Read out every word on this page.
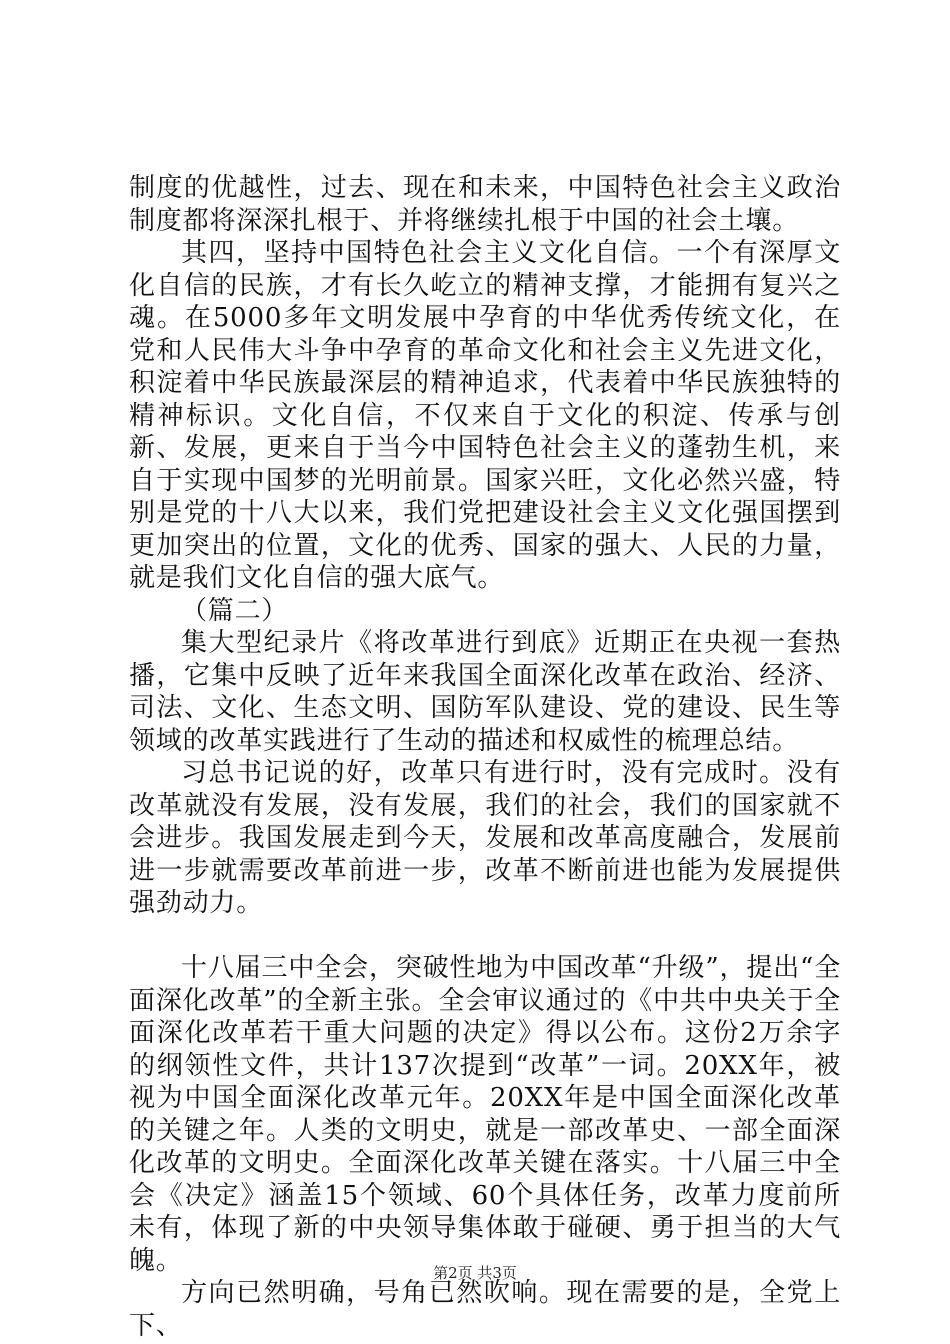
制度的优越性，过去、现在和未来，中国特色社会主义政治制度都将深深扎根于、并将继续扎根于中国的社会土壤。

其四，坚持中国特色社会主义文化自信。一个有深厚文化自信的民族，才有长久屹立的精神支撑，才能拥有复兴之魂。在5000多年文明发展中孕育的中华优秀传统文化，在党和人民伟大斗争中孕育的革命文化和社会主义先进文化，积淀着中华民族最深层的精神追求，代表着中华民族独特的精神标识。文化自信，不仅来自于文化的积淀、传承与创新、发展，更来自于当今中国特色社会主义的蓬勃生机，来自于实现中国梦的光明前景。国家兴旺，文化必然兴盛，特别是党的十八大以来，我们党把建设社会主义文化强国摆到更加突出的位置，文化的优秀、国家的强大、人民的力量，就是我们文化自信的强大底气。

（篇二）

集大型纪录片《将改革进行到底》近期正在央视一套热播，它集中反映了近年来我国全面深化改革在政治、经济、司法、文化、生态文明、国防军队建设、党的建设、民生等领域的改革实践进行了生动的描述和权威性的梳理总结。

习总书记说的好，改革只有进行时，没有完成时。没有改革就没有发展，没有发展，我们的社会，我们的国家就不会进步。我国发展走到今天，发展和改革高度融合，发展前进一步就需要改革前进一步，改革不断前进也能为发展提供强劲动力。

十八届三中全会，突破性地为中国改革“升级”，提出“全面深化改革”的全新主张。全会审议通过的《中共中央关于全面深化改革若干重大问题的决定》得以公布。这份2万余字的纲领性文件，共计137次提到“改革”一词。20XX年，被视为中国全面深化改革元年。20XX年是中国全面深化改革的关键之年。人类的文明史，就是一部改革史、一部全面深化改革的文明史。全面深化改革关键在落实。十八届三中全会《决定》涵盖15个领域、60个具体任务，改革力度前所未有，体现了新的中央领导集体敢于碰硬、勇于担当的大气魄。

方向已然明确，号角已然吹响。现在需要的是，全党上下、

第2页 共3页
